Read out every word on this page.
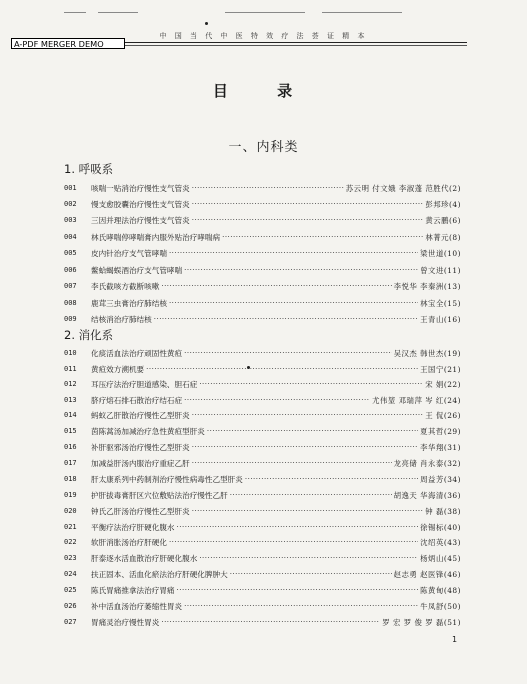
中 国 当 代 中 医 特 效 疗 法 荟 证 精 本
A-PDF MERGER DEMO
目 录
一、内科类
1. 呼吸系
2. 消化系
001	咳喘一贴消治疗慢性支气管炎 ·····	苏云明 付文娥 李淑蓬 范胜代(2)
002	慢支愈胶囊治疗慢性支气管炎 ·····	彭邦珍(4)
003	三因并理法治疗慢性支气管炎 ·····	黄云鹏(6)
004	林氏哮喘停哮喘膏内服外贴治疗哮喘病 ·····	林菁元(8)
005	皮内针治疗支气管哮喘 ·····	梁世道(10)
006	鳖蛤蝎蜈酒治疗支气管哮喘 ·····	曾文进(11)
007	李氏截咳方截断咳嗽 ·····	李悦华 李秦洲(13)
008	鹿茸三虫膏治疗肺结核 ·····	林宝全(15)
009	结核消治疗肺结核 ·····	王青山(16)
010	化痰活血法治疗顽固性黄疸 ·····	吴汉杰 韩世杰(19)
011	黄疸效方溯机要 ·····	王国宁(21)
012	耳压疗法治疗胆道感染、胆石症 ·····	宋 娟(22)
013	脐疗熔石排石散治疗结石症 ·····	尤伟堃 邓瑞萍 岑 红(24)
014	蚂蚁乙肝散治疗慢性乙型肝炎 ·····	王 侃(26)
015	茵陈蒿汤加减治疗急性黄疸型肝炎 ·····	夏其哲(29)
016	补肝驱邪汤治疗慢性乙型肝炎 ·····	李华翔(31)
017	加减益肝汤内服治疗重症乙肝 ·····	龙亮储 肖永泰(32)
018	肝太康系列中药制剂治疗慢性病毒性乙型肝炎 ·····	周益芳(34)
019	护肝拔毒膏肝区穴位敷贴法治疗慢性乙肝 ·····	胡逸天 华海清(36)
020	钟氏乙肝汤治疗慢性乙型肝炎 ·····	钟 磊(38)
021	平衡疗法治疗肝硬化腹水 ·····	徐锡标(40)
022	软肝消胀汤治疗肝硬化 ·····	沈绍英(43)
023	肝泰逐水活血散治疗肝硬化腹水 ·····	杨炳山(45)
024	扶正固本、活血化瘀法治疗肝硬化脾肿大 ·····	赵志勇 赵医锋(46)
025	陈氏胃痛推拿法治疗胃痛 ·····	陈黄甸(48)
026	补中活血汤治疗萎缩性胃炎 ·····	牛凤舒(50)
027	胃痛灵治疗慢性胃炎 ·····	罗 宏 罗 俊 罗 磊(51)
1
